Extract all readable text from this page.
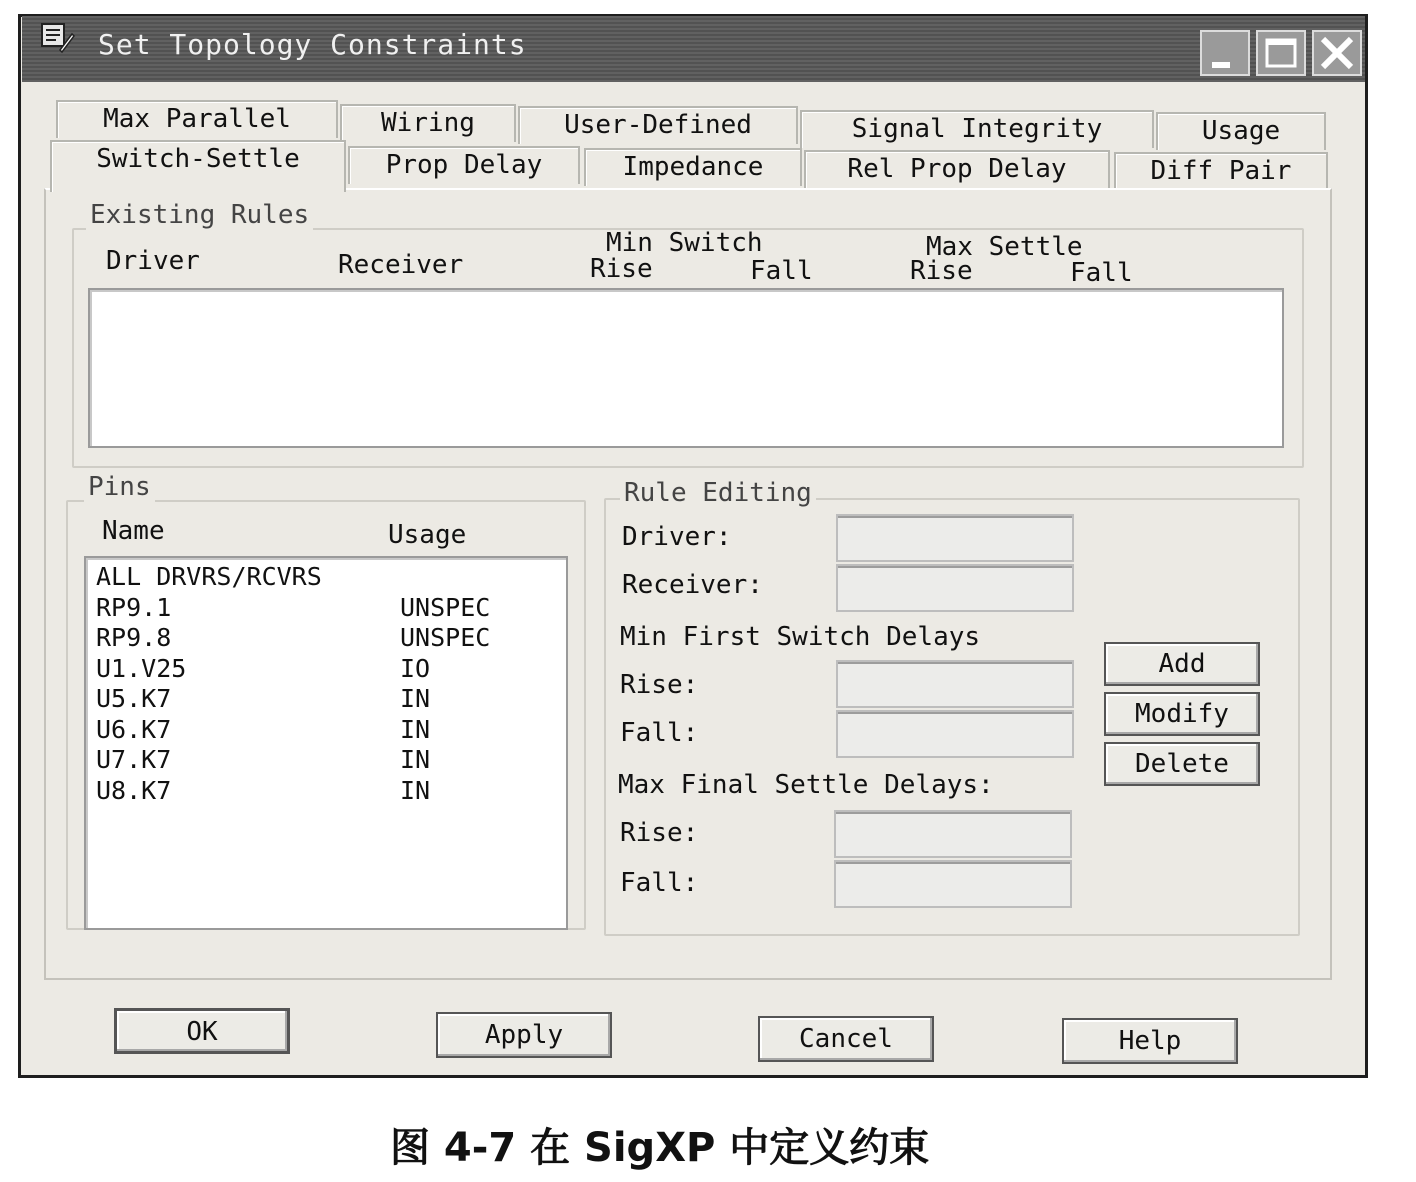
Set Topology Constraints
Max Parallel	Wiring	User-Defined	Signal Integrity	Usage
Switch-Settle	Prop Delay	Impedance	Rel Prop Delay	Diff Pair
Existing Rules
Driver	Receiver
Min Switch
Rise	Fall
Max Settle
Rise	Fall
Pins
Name	Usage
ALL DRVRS/RCVRS
RP9.1	UNSPEC
RP9.8	UNSPEC
U1.V25	IO
U5.K7	IN
U6.K7	IN
U7.K7	IN
U8.K7	IN
Rule Editing
Driver:
Receiver:
Min First Switch Delays
Rise:
Fall:
Max Final Settle Delays:
Rise:
Fall:
Add
Modify
Delete
OK	Apply	Cancel	Help
图 4-7 在 SigXP 中定义约束
